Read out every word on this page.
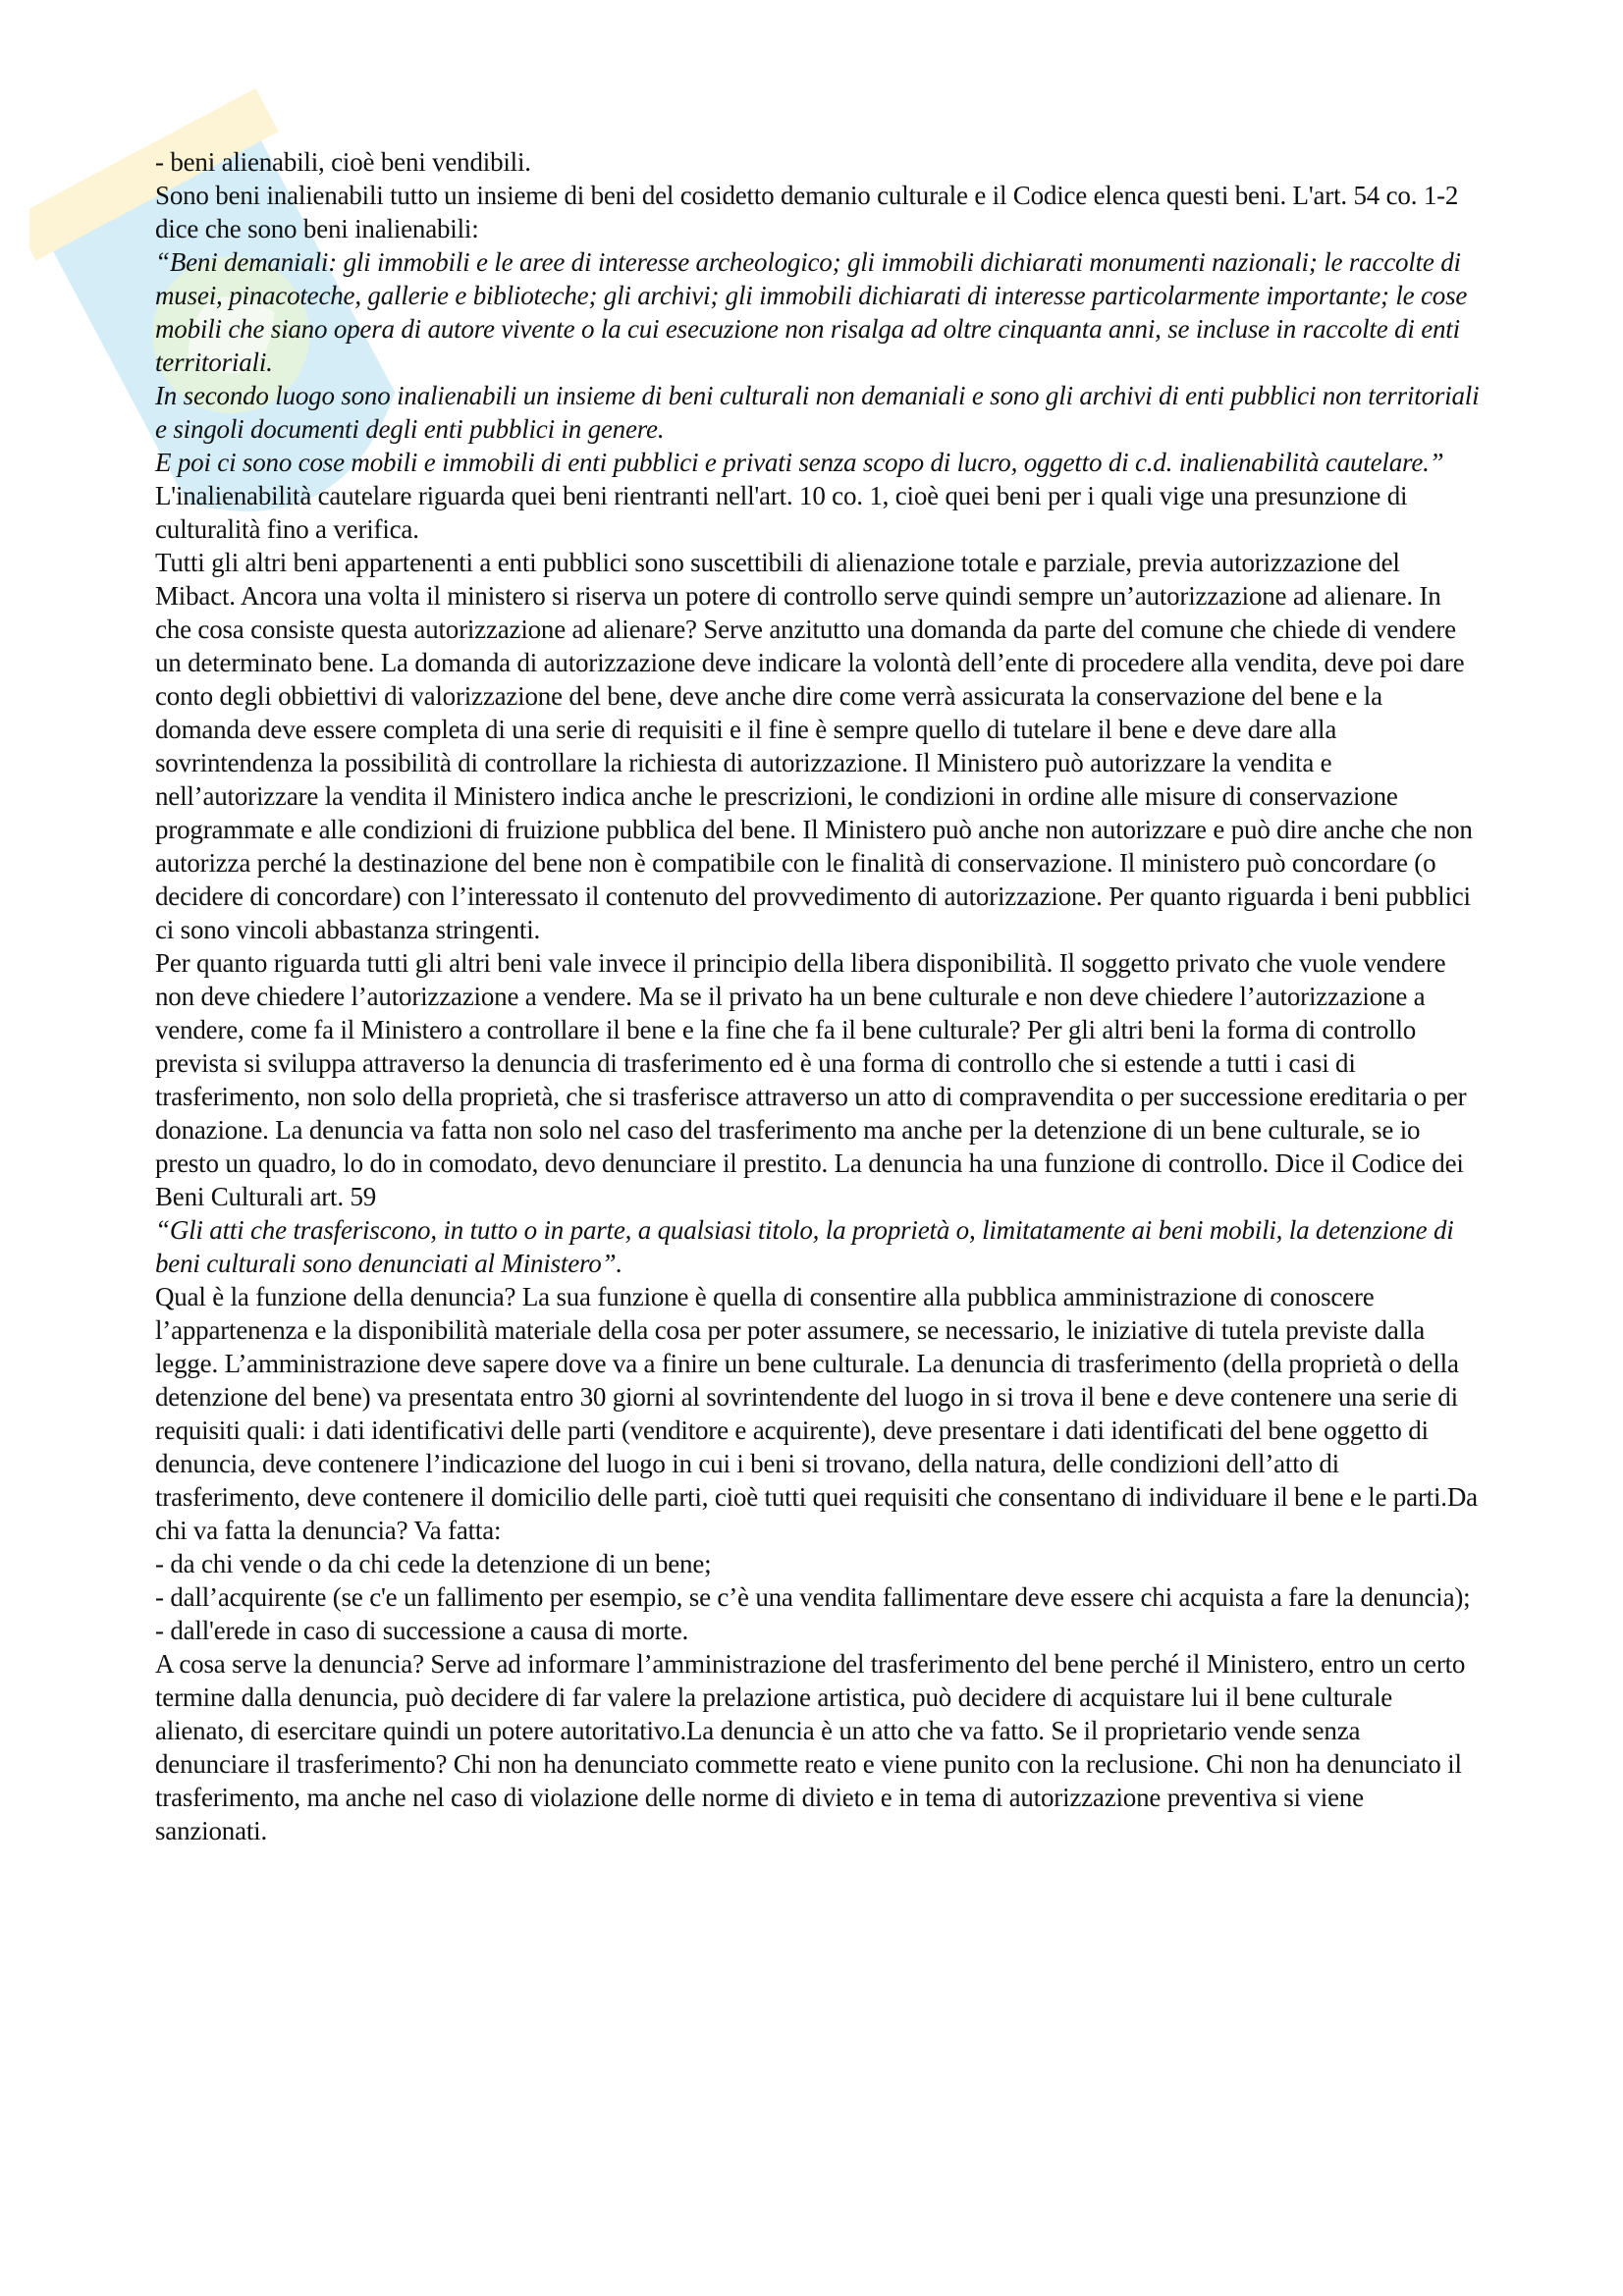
- beni alienabili, cioè beni vendibili.

Sono beni inalienabili tutto un insieme di beni del cosidetto demanio culturale e il Codice elenca questi beni. L'art. 54 co. 1-2 dice che sono beni inalienabili:

“Beni demaniali: gli immobili e le aree di interesse archeologico; gli immobili dichiarati monumenti nazionali; le raccolte di musei, pinacoteche, gallerie e biblioteche; gli archivi; gli immobili dichiarati di interesse particolarmente importante; le cose mobili che siano opera di autore vivente o la cui esecuzione non risalga ad oltre cinquanta anni, se incluse in raccolte di enti territoriali.

In secondo luogo sono inalienabili un insieme di beni culturali non demaniali e sono gli archivi di enti pubblici non territoriali e singoli documenti degli enti pubblici in genere.

E poi ci sono cose mobili e immobili di enti pubblici e privati senza scopo di lucro, oggetto di c.d. inalienabilità cautelare.”

L'inalienabilità cautelare riguarda quei beni rientranti nell'art. 10 co. 1, cioè quei beni per i quali vige una presunzione di culturalità fino a verifica.

Tutti gli altri beni appartenenti a enti pubblici sono suscettibili di alienazione totale e parziale, previa autorizzazione del Mibact. Ancora una volta il ministero si riserva un potere di controllo serve quindi sempre un’autorizzazione ad alienare. In che cosa consiste questa autorizzazione ad alienare? Serve anzitutto una domanda da parte del comune che chiede di vendere un determinato bene. La domanda di autorizzazione deve indicare la volontà dell’ente di procedere alla vendita, deve poi dare conto degli obbiettivi di valorizzazione del bene, deve anche dire come verrà assicurata la conservazione del bene e la domanda deve essere completa di una serie di requisiti e il fine è sempre quello di tutelare il bene e deve dare alla sovrintendenza la possibilità di controllare la richiesta di autorizzazione. Il Ministero può autorizzare la vendita e nell’autorizzare la vendita il Ministero indica anche le prescrizioni, le condizioni in ordine alle misure di conservazione programmate e alle condizioni di fruizione pubblica del bene. Il Ministero può anche non autorizzare e può dire anche che non autorizza perché la destinazione del bene non è compatibile con le finalità di conservazione. Il ministero può concordare (o decidere di concordare) con l’interessato il contenuto del provvedimento di autorizzazione. Per quanto riguarda i beni pubblici ci sono vincoli abbastanza stringenti.

Per quanto riguarda tutti gli altri beni vale invece il principio della libera disponibilità. Il soggetto privato che vuole vendere non deve chiedere l’autorizzazione a vendere. Ma se il privato ha un bene culturale e non deve chiedere l’autorizzazione a vendere, come fa il Ministero a controllare il bene e la fine che fa il bene culturale? Per gli altri beni la forma di controllo prevista si sviluppa attraverso la denuncia di trasferimento ed è una forma di controllo che si estende a tutti i casi di trasferimento, non solo della proprietà, che si trasferisce attraverso un atto di compravendita o per successione ereditaria o per donazione. La denuncia va fatta non solo nel caso del trasferimento ma anche per la detenzione di un bene culturale, se io presto un quadro, lo do in comodato, devo denunciare il prestito. La denuncia ha una funzione di controllo. Dice il Codice dei Beni Culturali art. 59

“Gli atti che trasferiscono, in tutto o in parte, a qualsiasi titolo, la proprietà o, limitatamente ai beni mobili, la detenzione di beni culturali sono denunciati al Ministero”.

Qual è la funzione della denuncia? La sua funzione è quella di consentire alla pubblica amministrazione di conoscere l’appartenenza e la disponibilità materiale della cosa per poter assumere, se necessario, le iniziative di tutela previste dalla legge. L’amministrazione deve sapere dove va a finire un bene culturale. La denuncia di trasferimento (della proprietà o della detenzione del bene) va presentata entro 30 giorni al sovrintendente del luogo in si trova il bene e deve contenere una serie di requisiti quali: i dati identificativi delle parti (venditore e acquirente), deve presentare i dati identificati del bene oggetto di denuncia, deve contenere l’indicazione del luogo in cui i beni si trovano, della natura, delle condizioni dell’atto di trasferimento, deve contenere il domicilio delle parti, cioè tutti quei requisiti che consentano di individuare il bene e le parti.Da chi va fatta la denuncia? Va fatta:

- da chi vende o da chi cede la detenzione di un bene;

- dall’acquirente (se c'e un fallimento per esempio, se c’è una vendita fallimentare deve essere chi acquista a fare la denuncia);

- dall'erede in caso di successione a causa di morte.

A cosa serve la denuncia? Serve ad informare l’amministrazione del trasferimento del bene perché il Ministero, entro un certo termine dalla denuncia, può decidere di far valere la prelazione artistica, può decidere di acquistare lui il bene culturale alienato, di esercitare quindi un potere autoritativo.La denuncia è un atto che va fatto. Se il proprietario vende senza denunciare il trasferimento? Chi non ha denunciato commette reato e viene punito con la reclusione. Chi non ha denunciato il trasferimento, ma anche nel caso di violazione delle norme di divieto e in tema di autorizzazione preventiva si viene sanzionati.
